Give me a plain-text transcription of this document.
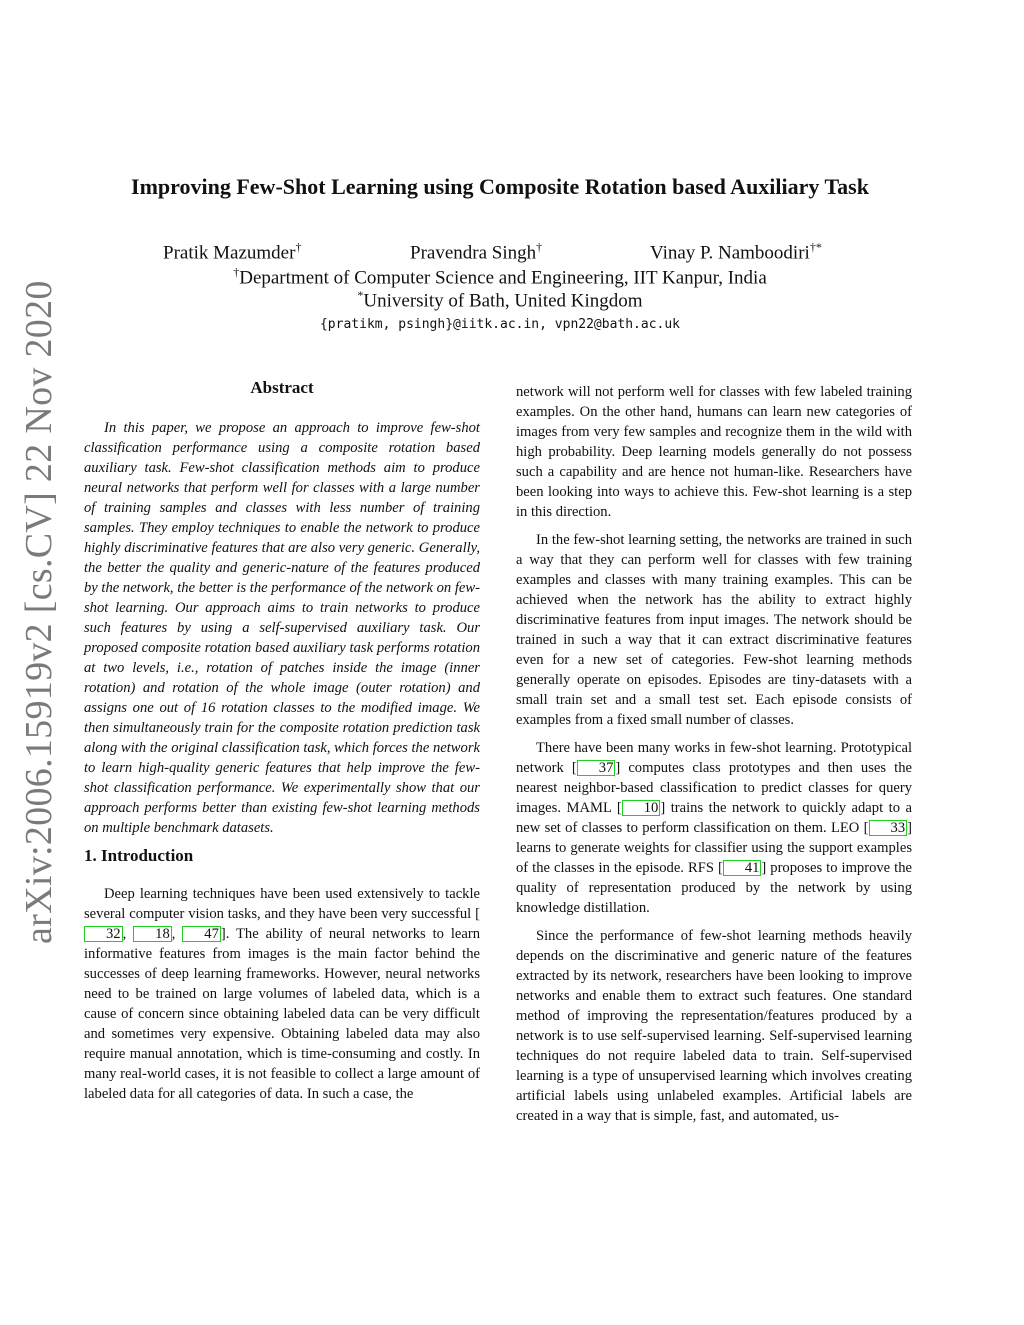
arXiv:2006.15919v2 [cs.CV] 22 Nov 2020
Improving Few-Shot Learning using Composite Rotation based Auxiliary Task
Pratik Mazumder†	Pravendra Singh†	Vinay P. Namboodiri†*
†Department of Computer Science and Engineering, IIT Kanpur, India
*University of Bath, United Kingdom
{pratikm, psingh}@iitk.ac.in, vpn22@bath.ac.uk
Abstract

In this paper, we propose an approach to improve few-shot classification performance using a composite rotation based auxiliary task. Few-shot classification methods aim to produce neural networks that perform well for classes with a large number of training samples and classes with less number of training samples. They employ techniques to enable the network to produce highly discriminative features that are also very generic. Generally, the better the quality and generic-nature of the features produced by the network, the better is the performance of the network on few-shot learning. Our approach aims to train networks to produce such features by using a self-supervised auxiliary task. Our proposed composite rotation based auxiliary task performs rotation at two levels, i.e., rotation of patches inside the image (inner rotation) and rotation of the whole image (outer rotation) and assigns one out of 16 rotation classes to the modified image. We then simultaneously train for the composite rotation prediction task along with the original classification task, which forces the network to learn high-quality generic features that help improve the few-shot classification performance. We experimentally show that our approach performs better than existing few-shot learning methods on multiple benchmark datasets.

1. Introduction

Deep learning techniques have been used extensively to tackle several computer vision tasks, and they have been very successful [32 , 18 , 47 ]. The ability of neural networks to learn informative features from images is the main factor behind the successes of deep learning frameworks. However, neural networks need to be trained on large volumes of labeled data, which is a cause of concern since obtaining labeled data can be very difficult and sometimes very expensive. Obtaining labeled data may also require manual annotation, which is time-consuming and costly. In many real-world cases, it is not feasible to collect a large amount of labeled data for all categories of data. In such a case, the

network will not perform well for classes with few labeled training examples. On the other hand, humans can learn new categories of images from very few samples and recognize them in the wild with high probability. Deep learning models generally do not possess such a capability and are hence not human-like. Researchers have been looking into ways to achieve this. Few-shot learning is a step in this direction.

In the few-shot learning setting, the networks are trained in such a way that they can perform well for classes with few training examples and classes with many training examples. This can be achieved when the network has the ability to extract highly discriminative features from input images. The network should be trained in such a way that it can extract discriminative features even for a new set of categories. Few-shot learning methods generally operate on episodes. Episodes are tiny-datasets with a small train set and a small test set. Each episode consists of examples from a fixed small number of classes.

There have been many works in few-shot learning. Prototypical network [ 37 ] computes class prototypes and then uses the nearest neighbor-based classification to predict classes for query images. MAML [ 10 ] trains the network to quickly adapt to a new set of classes to perform classification on them. LEO [ 33 ] learns to generate weights for classifier using the support examples of the classes in the episode. RFS [ 41 ] proposes to improve the quality of representation produced by the network by using knowledge distillation.

Since the performance of few-shot learning methods heavily depends on the discriminative and generic nature of the features extracted by its network, researchers have been looking to improve networks and enable them to extract such features. One standard method of improving the representation/features produced by a network is to use self-supervised learning. Self-supervised learning techniques do not require labeled data to train. Self-supervised learning is a type of unsupervised learning which involves creating artificial labels using unlabeled examples. Artificial labels are created in a way that is simple, fast, and automated, us-
